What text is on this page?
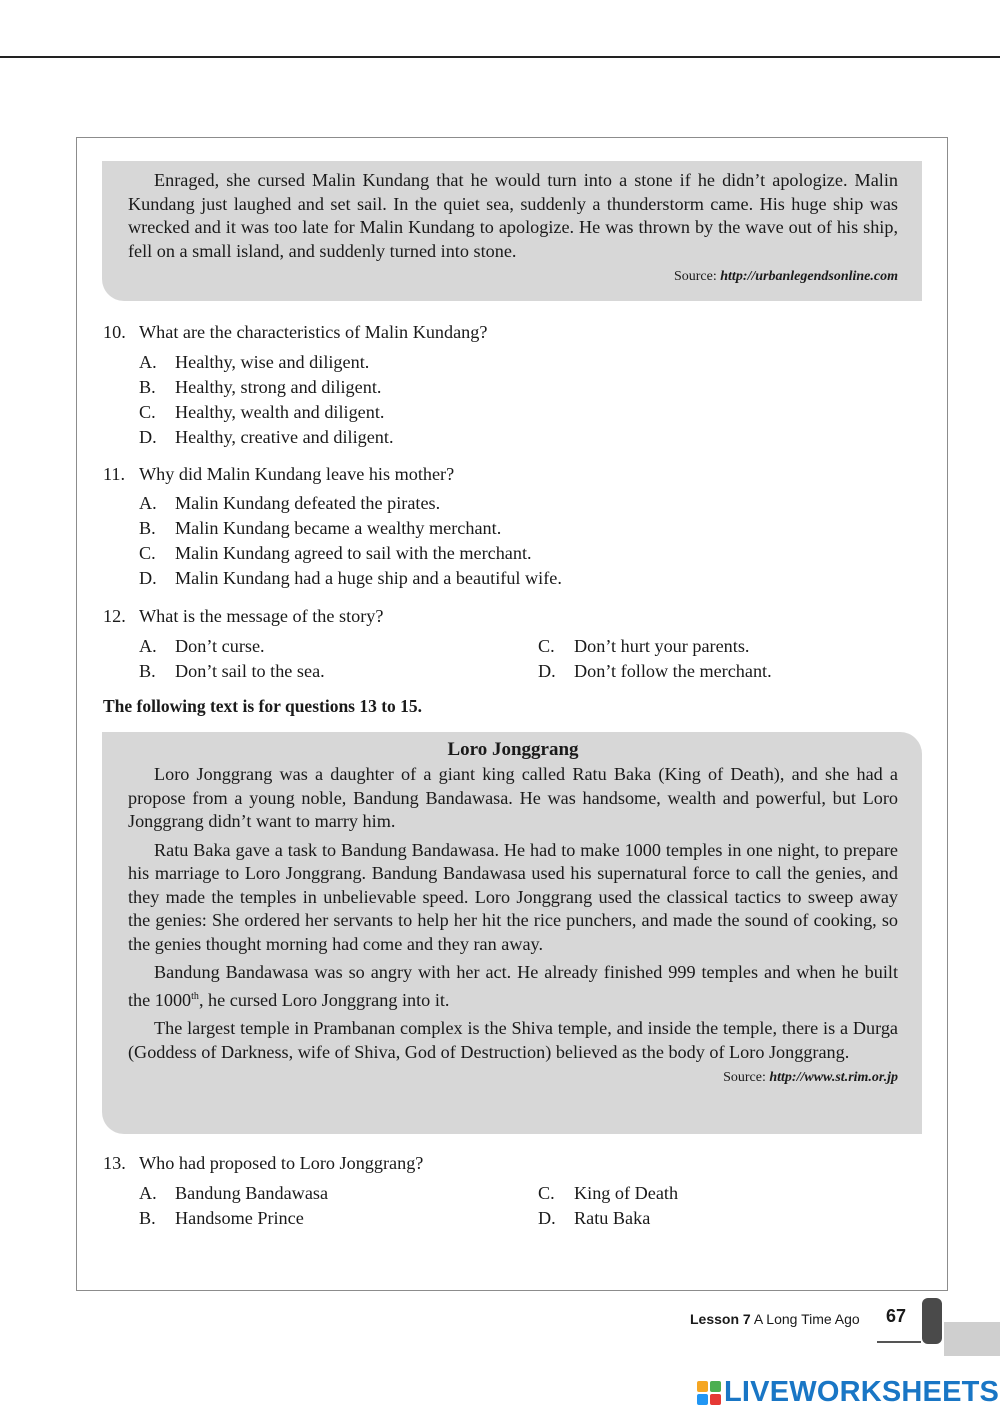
Enraged, she cursed Malin Kundang that he would turn into a stone if he didn’t apologize. Malin Kundang just laughed and set sail. In the quiet sea, suddenly a thunderstorm came. His huge ship was wrecked and it was too late for Malin Kundang to apologize. He was thrown by the wave out of his ship, fell on a small island, and suddenly turned into stone.

Source: http://urbanlegendsonline.com
10. What are the characteristics of Malin Kundang?
A. Healthy, wise and diligent.
B. Healthy, strong and diligent.
C. Healthy, wealth and diligent.
D. Healthy, creative and diligent.
11. Why did Malin Kundang leave his mother?
A. Malin Kundang defeated the pirates.
B. Malin Kundang became a wealthy merchant.
C. Malin Kundang agreed to sail with the merchant.
D. Malin Kundang had a huge ship and a beautiful wife.
12. What is the message of the story?
A. Don’t curse.
B. Don’t sail to the sea.
C. Don’t hurt your parents.
D. Don’t follow the merchant.
The following text is for questions 13 to 15.
Loro Jonggrang

Loro Jonggrang was a daughter of a giant king called Ratu Baka (King of Death), and she had a propose from a young noble, Bandung Bandawasa. He was handsome, wealth and powerful, but Loro Jonggrang didn’t want to marry him.

Ratu Baka gave a task to Bandung Bandawasa. He had to make 1000 temples in one night, to prepare his marriage to Loro Jonggrang. Bandung Bandawasa used his supernatural force to call the genies, and they made the temples in unbelievable speed. Loro Jonggrang used the classical tactics to sweep away the genies: She ordered her servants to help her hit the rice punchers, and made the sound of cooking, so the genies thought morning had come and they ran away.

Bandung Bandawasa was so angry with her act. He already finished 999 temples and when he built the 1000th, he cursed Loro Jonggrang into it.

The largest temple in Prambanan complex is the Shiva temple, and inside the temple, there is a Durga (Goddess of Darkness, wife of Shiva, God of Destruction) believed as the body of Loro Jonggrang.

Source: http://www.st.rim.or.jp
13. Who had proposed to Loro Jonggrang?
A. Bandung Bandawasa
B. Handsome Prince
C. King of Death
D. Ratu Baka
Lesson 7 A Long Time Ago 67
LIVEWORKSHEETS
